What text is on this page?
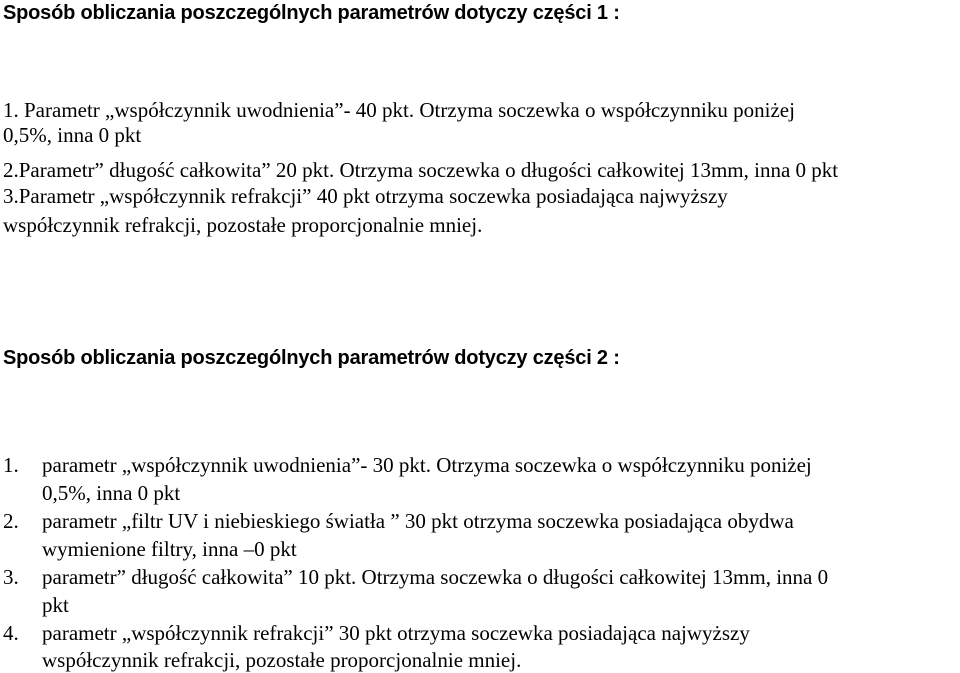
Sposób obliczania poszczególnych parametrów dotyczy części 1 :
1. Parametr „współczynnik uwodnienia”- 40 pkt. Otrzyma soczewka o współczynniku poniżej
0,5%, inna 0 pkt
2.Parametr” długość całkowita” 20 pkt. Otrzyma soczewka o długości całkowitej 13mm, inna 0 pkt
3.Parametr „współczynnik refrakcji” 40 pkt otrzyma soczewka posiadająca najwyższy
współczynnik refrakcji, pozostałe proporcjonalnie mniej.
Sposób obliczania poszczególnych parametrów dotyczy części 2 :
1. parametr „współczynnik uwodnienia”- 30 pkt. Otrzyma soczewka o współczynniku poniżej
0,5%, inna 0 pkt
2. parametr „filtr UV i niebieskiego światła ” 30 pkt otrzyma soczewka posiadająca obydwa
wymienione filtry, inna –0 pkt
3. parametr” długość całkowita” 10 pkt. Otrzyma soczewka o długości całkowitej 13mm, inna 0
pkt
4. parametr „współczynnik refrakcji” 30 pkt otrzyma soczewka posiadająca najwyższy
współczynnik refrakcji, pozostałe proporcjonalnie mniej.
